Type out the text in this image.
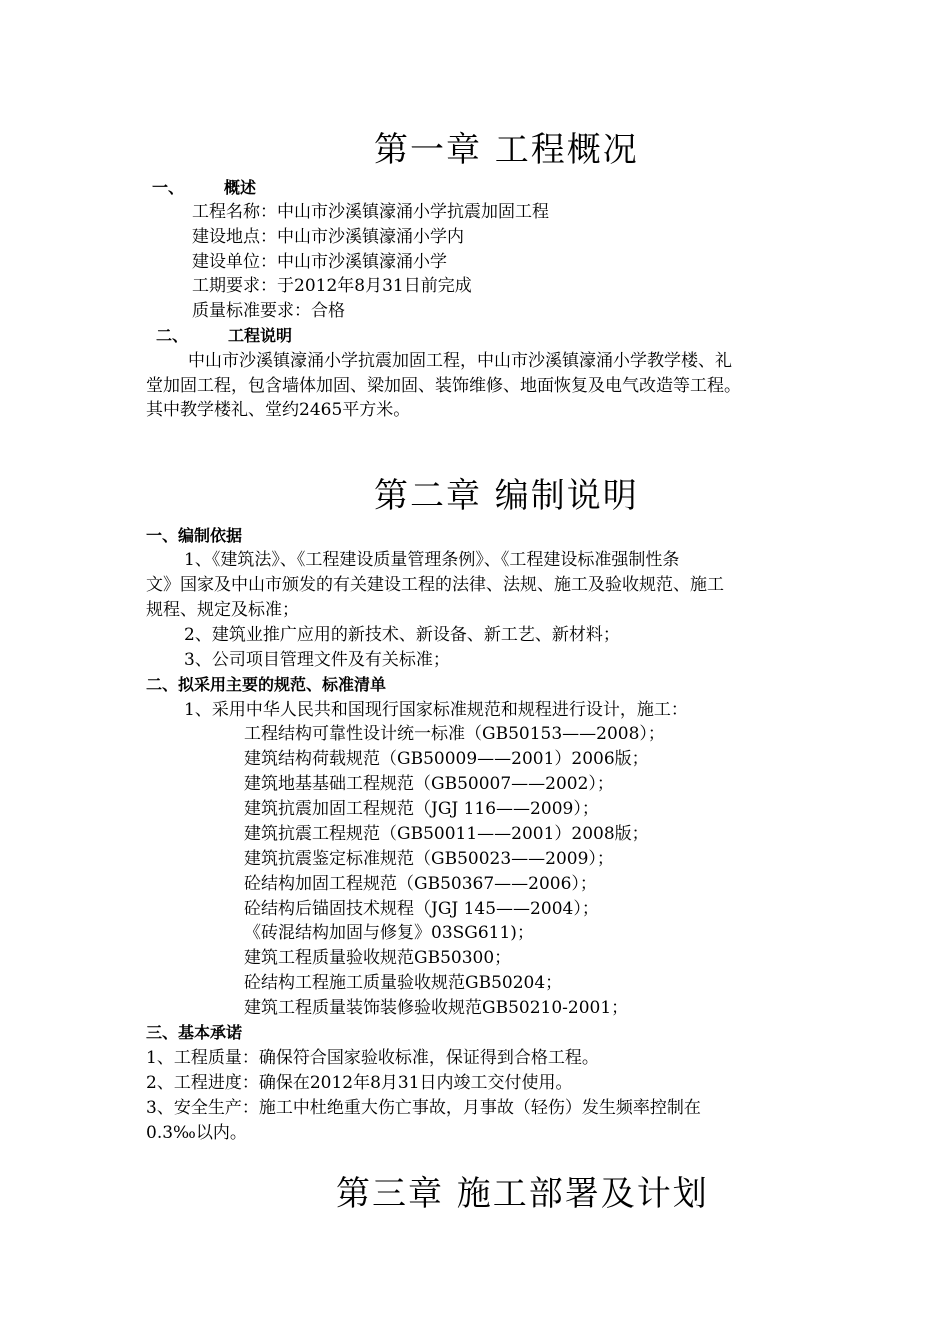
第一章 工程概况
一、	概述
工程名称：中山市沙溪镇濠涌小学抗震加固工程
建设地点：中山市沙溪镇濠涌小学内
建设单位：中山市沙溪镇濠涌小学
工期要求：于2012年8月31日前完成
质量标准要求：合格
二、	工程说明
中山市沙溪镇濠涌小学抗震加固工程，中山市沙溪镇濠涌小学教学楼、礼
堂加固工程，包含墙体加固、梁加固、装饰维修、地面恢复及电气改造等工程。
其中教学楼礼、堂约2465平方米。
第二章 编制说明
一、编制依据
1、《建筑法》、《工程建设质量管理条例》、《工程建设标准强制性条
文》国家及中山市颁发的有关建设工程的法律、法规、施工及验收规范、施工
规程、规定及标准；
2、建筑业推广应用的新技术、新设备、新工艺、新材料；
3、公司项目管理文件及有关标准；
二、拟采用主要的规范、标准清单
1、采用中华人民共和国现行国家标准规范和规程进行设计，施工：
工程结构可靠性设计统一标准（GB50153——2008）；
建筑结构荷载规范（GB50009——2001）2006版；
建筑地基基础工程规范（GB50007——2002）；
建筑抗震加固工程规范（JGJ 116——2009）；
建筑抗震工程规范（GB50011——2001）2008版；
建筑抗震鉴定标准规范（GB50023——2009）；
砼结构加固工程规范（GB50367——2006）；
砼结构后锚固技术规程（JGJ 145——2004）；
《砖混结构加固与修复》03SG611)；
建筑工程质量验收规范GB50300；
砼结构工程施工质量验收规范GB50204；
建筑工程质量装饰装修验收规范GB50210-2001；
三、基本承诺
1、工程质量：确保符合国家验收标准，保证得到合格工程。
2、工程进度：确保在2012年8月31日内竣工交付使用。
3、安全生产：施工中杜绝重大伤亡事故，月事故（轻伤）发生频率控制在
0.3‰以内。
第三章 施工部署及计划
